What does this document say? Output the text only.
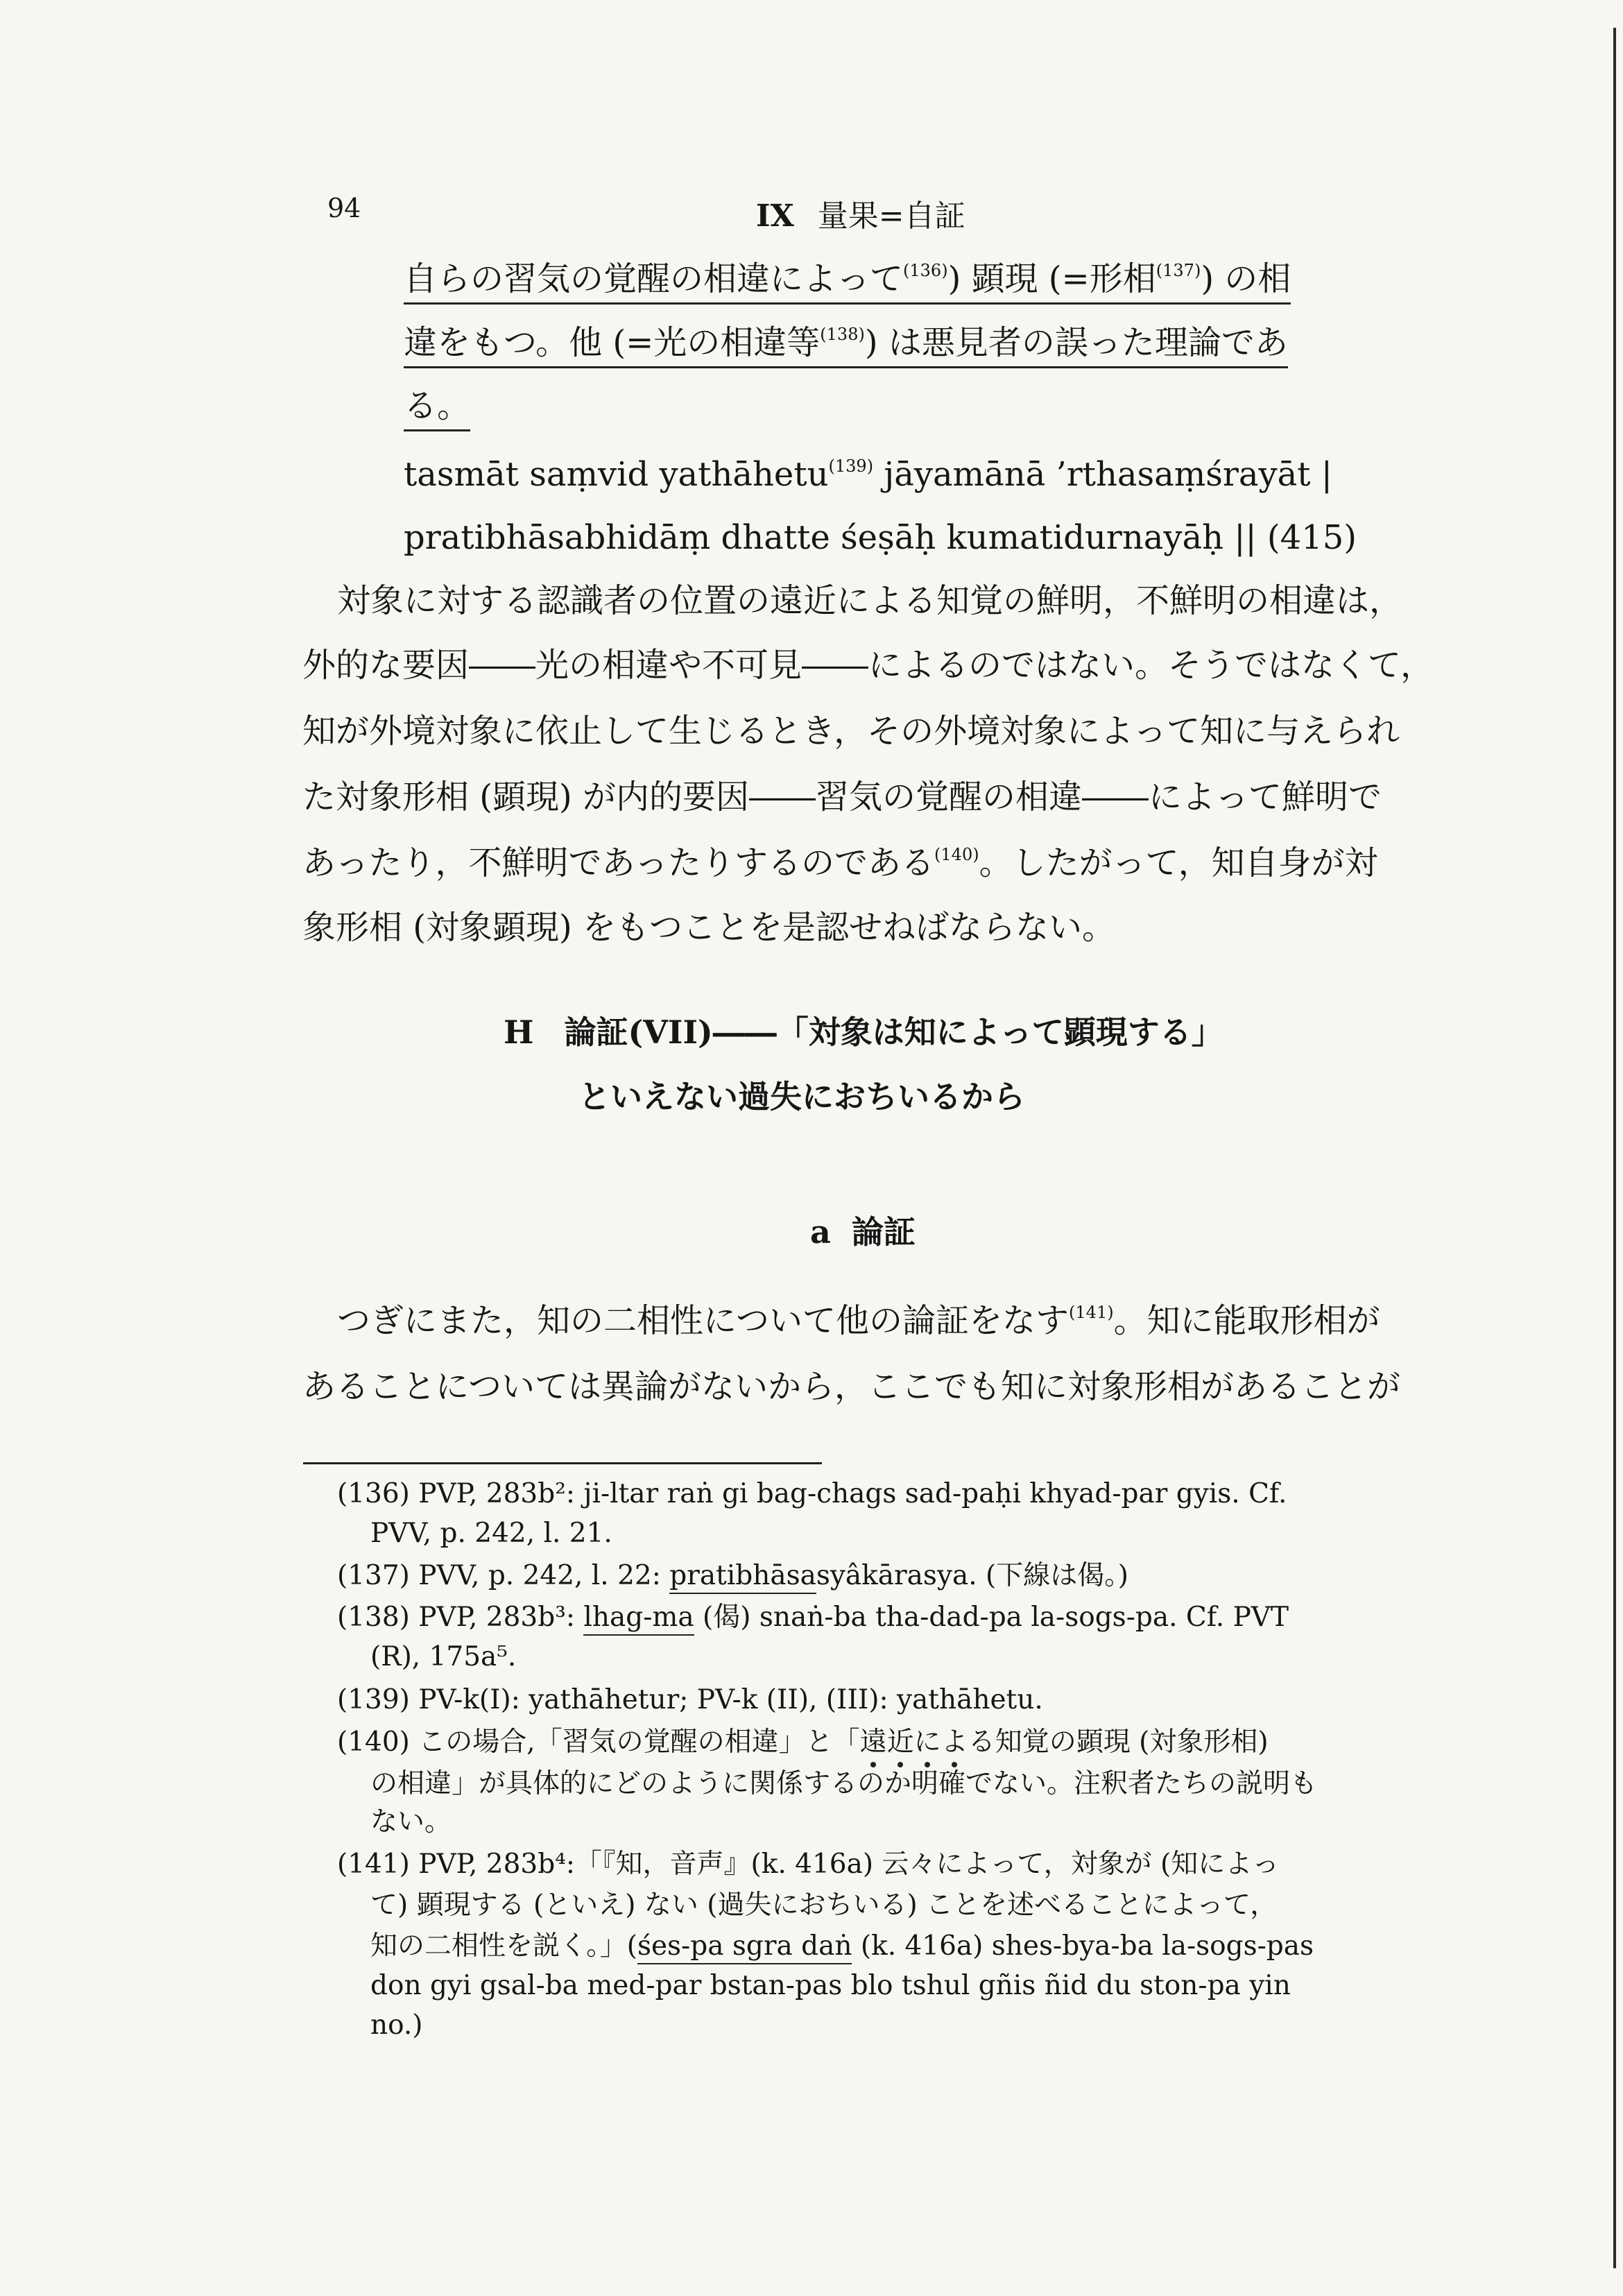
94	IX 量果=自証
自らの習気の覚醒の相違によって$^{(136)}$) 顕現 (=形相$^{(137)}$) の相
違をもつ。他 (=光の相違等$^{(138)}$) は悪見者の誤った理論であ
る。
tasmāt saṃvid yathāhetu$^{(139)}$ jāyamānā ’rthasaṃśrayāt |
pratibhāsabhidāṃ dhatte śeṣāḥ kumatidurnayāḥ || (415)
対象に対する認識者の位置の遠近による知覚の鮮明，不鮮明の相違は，
外的な要因――光の相違や不可見――によるのではない。そうではなくて，
知が外境対象に依止して生じるとき，その外境対象によって知に与えられ
た対象形相 (顕現) が内的要因――習気の覚醒の相違――によって鮮明で
あったり，不鮮明であったりするのである$^{(140)}$。したがって，知自身が対
象形相 (対象顕現) をもつことを是認せねばならない。
H 論証(VII)――「対象は知によって顕現する」
といえない過失におちいるから
a 論証
つぎにまた，知の二相性について他の論証をなす$^{(141)}$。知に能取形相が
あることについては異論がないから，ここでも知に対象形相があることが
(136) PVP, 283b²: ji-ltar raṅ gi bag-chags sad-paḥi khyad-par gyis. Cf.
PVV, p. 242, l. 21.
(137) PVV, p. 242, l. 22: pratibhāsasyâkārasya. (下線は偈。)
(138) PVP, 283b³: lhag-ma (偈) snaṅ-ba tha-dad-pa la-sogs-pa. Cf. PVT
(R), 175a⁵.
(139) PV-k(I): yathāhetur; PV-k (II), (III): yathāhetu.
(140) この場合,「習気の覚醒の相違」と「遠近による知覚の顕現 (対象形相)
の相違」が具体的にどのように関係するのか明確でない。注釈者たちの説明も
ない。
(141) PVP, 283b⁴:「『知，音声』(k. 416a) 云々によって，対象が (知によっ
て) 顕現する (といえ) ない (過失におちいる) ことを述べることによって，
知の二相性を説く。」(śes-pa sgra daṅ (k. 416a) shes-bya-ba la-sogs-pas
don gyi gsal-ba med-par bstan-pas blo tshul gñis ñid du ston-pa yin
no.)
